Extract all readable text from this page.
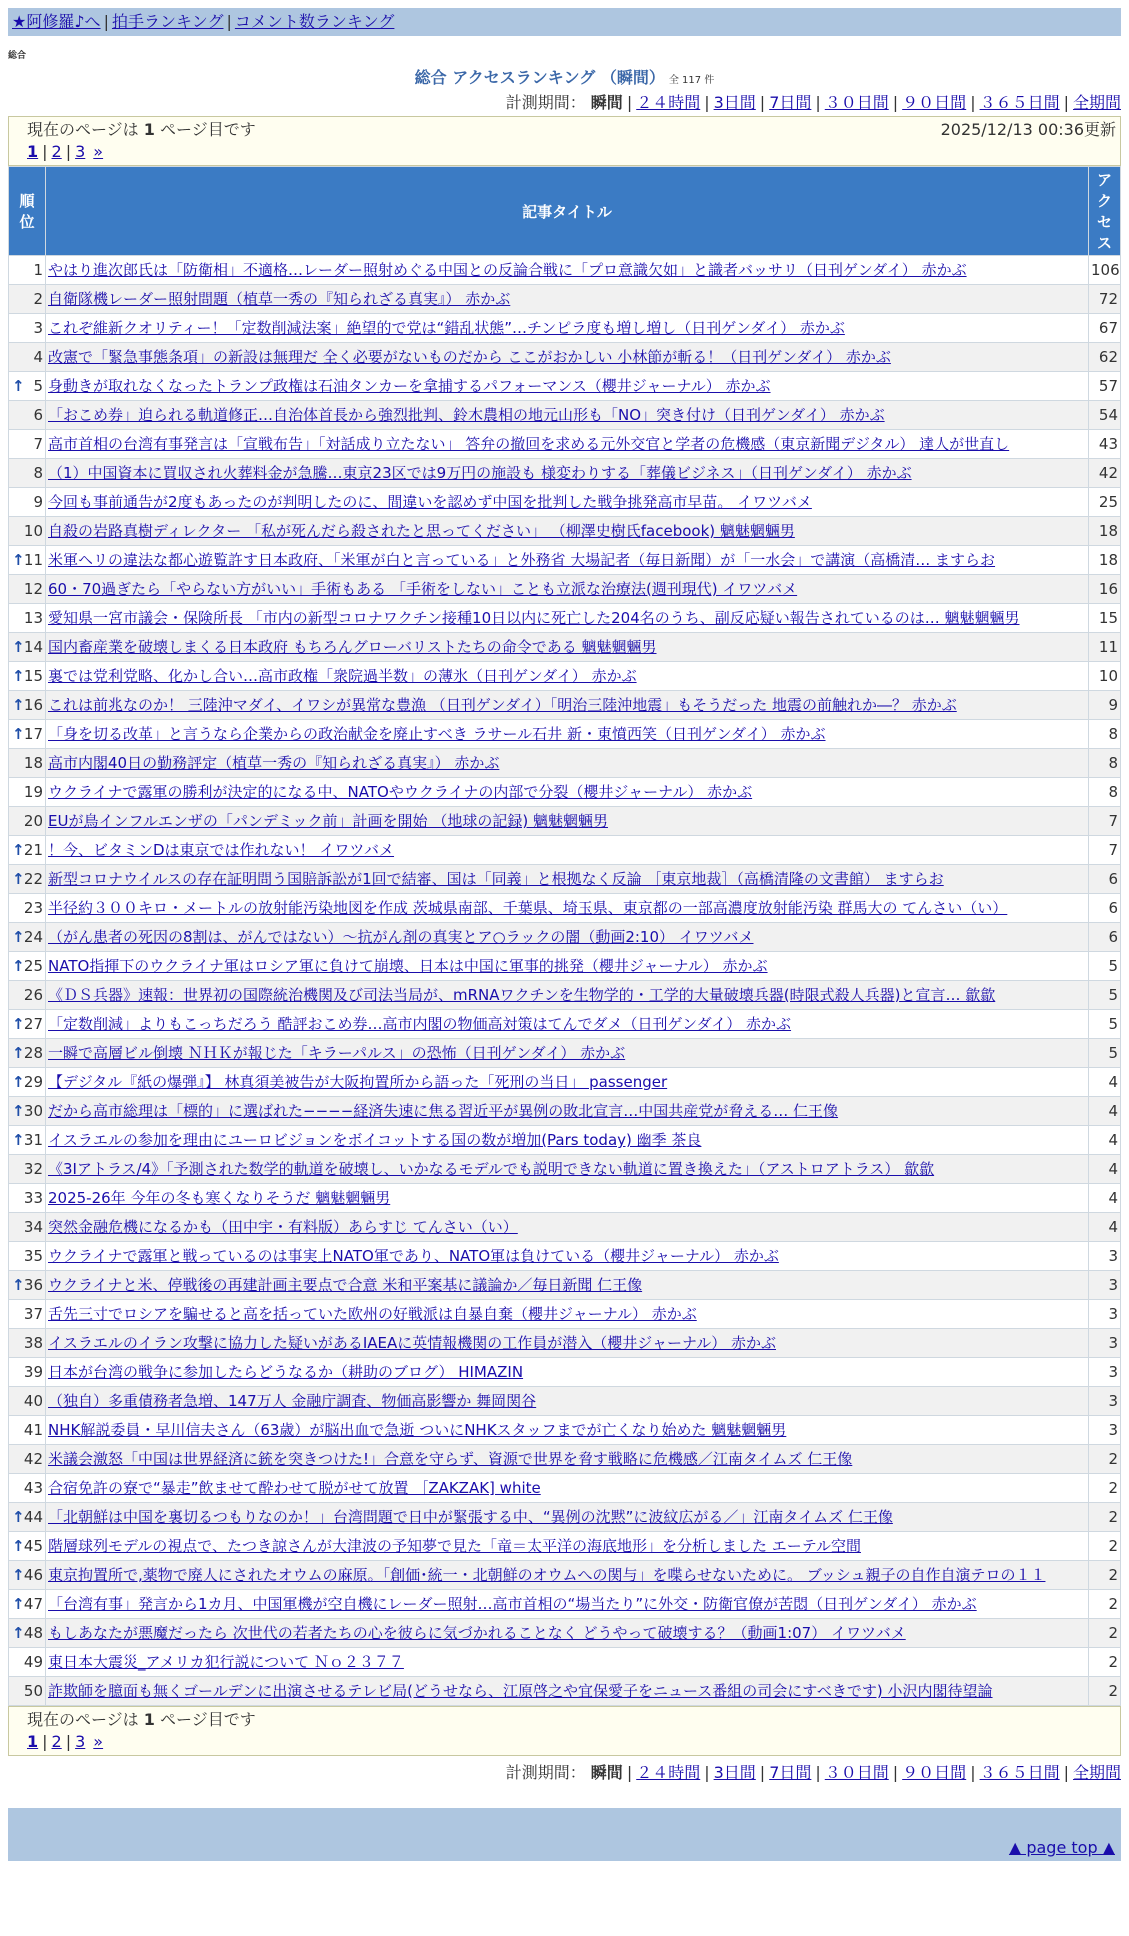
★阿修羅♪へ | 拍手ランキング | コメント数ランキング
総合
総合 アクセスランキング （瞬間） 全 117 件
計測期間： 瞬間 | ２４時間 | 3日間 | 7日間 | ３０日間 | ９０日間 | ３６５日間 | 全期間
現在のページは 1 ページ目です	2025/12/13 00:36更新
1 | 2 | 3 »
順位	記事タイトル	アクセス
1	やはり進次郎氏は「防衛相」不適格…レーダー照射めぐる中国との反論合戦に「プロ意識欠如」と識者バッサリ（日刊ゲンダイ） 赤かぶ	106
2	自衛隊機レーダー照射問題（植草一秀の『知られざる真実』） 赤かぶ	72
3	これぞ維新クオリティー！「定数削減法案」絶望的で党は“錯乱状態”…チンピラ度も増し増し（日刊ゲンダイ） 赤かぶ	67
4	改憲で「緊急事態条項」の新設は無理だ 全く必要がないものだから ここがおかしい 小林節が斬る！（日刊ゲンダイ） 赤かぶ	62

↑ 5	身動きが取れなくなったトランプ政権は石油タンカーを拿捕するパフォーマンス（櫻井ジャーナル） 赤かぶ	57
6	「おこめ券」迫られる軌道修正…自治体首長から強烈批判、鈴木農相の地元山形も「NO」突き付け（日刊ゲンダイ） 赤かぶ	54
7	高市首相の台湾有事発言は「宣戦布告」「対話成り立たない」 答弁の撤回を求める元外交官と学者の危機感（東京新聞デジタル） 達人が世直し	43
8	（1）中国資本に買収され火葬料金が急騰…東京23区では9万円の施設も 様変わりする「葬儀ビジネス」（日刊ゲンダイ） 赤かぶ	42
9	今回も事前通告が2度もあったのが判明したのに、間違いを認めず中国を批判した戦争挑発高市早苗。 イワツバメ	25
10	自殺の岩路真樹ディレクター 「私が死んだら殺されたと思ってください」 （柳澤史樹氏facebook) 魑魅魍魎男	18

↑ 11	米軍ヘリの違法な都心遊覧許す日本政府、「米軍が白と言っている」と外務省 大場記者（毎日新聞）が「一水会」で講演（高橋清… ますらお	18
12	60・70過ぎたら「やらない方がいい」手術もある 「手術をしない」ことも立派な治療法(週刊現代) イワツバメ	16
13	愛知県一宮市議会・保険所長 「市内の新型コロナワクチン接種10日以内に死亡した204名のうち、副反応疑い報告されているのは… 魑魅魍魎男	15

↑ 14	国内畜産業を破壊しまくる日本政府 もちろんグローバリストたちの命令である 魑魅魍魎男	11

↑ 15	裏では党利党略、化かし合い…高市政権「衆院過半数」の薄氷（日刊ゲンダイ） 赤かぶ	10

↑ 16	これは前兆なのか！ 三陸沖マダイ、イワシが異常な豊漁 （日刊ゲンダイ）「明治三陸沖地震」もそうだった 地震の前触れか―？ 赤かぶ	9

↑ 17	「身を切る改革」と言うなら企業からの政治献金を廃止すべき ラサール石井 新・東憤西笑（日刊ゲンダイ） 赤かぶ	8
18	高市内閣40日の勤務評定（植草一秀の『知られざる真実』） 赤かぶ	8
19	ウクライナで露軍の勝利が決定的になる中、NATOやウクライナの内部で分裂（櫻井ジャーナル） 赤かぶ	8
20	EUが鳥インフルエンザの「パンデミック前」計画を開始 （地球の記録) 魑魅魍魎男	7

↑ 21	！今、ビタミンDは東京では作れない！ イワツバメ	7

↑ 22	新型コロナウイルスの存在証明問う国賠訴訟が1回で結審、国は「同義」と根拠なく反論 ［東京地裁］（高橋清隆の文書館） ますらお	6
23	半径約３００キロ・メートルの放射能汚染地図を作成 茨城県南部、千葉県、埼玉県、東京都の一部高濃度放射能汚染 群馬大の てんさい（い）	6

↑ 24	（がん患者の死因の8割は、がんではない）～抗がん剤の真実とア○ラックの闇（動画2:10） イワツバメ	6

↑ 25	NATO指揮下のウクライナ軍はロシア軍に負けて崩壊、日本は中国に軍事的挑発（櫻井ジャーナル） 赤かぶ	5
26	《ＤＳ兵器》速報：世界初の国際統治機関及び司法当局が、mRNAワクチンを生物学的・工学的大量破壊兵器(時限式殺人兵器)と宣言… 歙歙	5

↑ 27	「定数削減」よりもこっちだろう 酷評おこめ券…高市内閣の物価高対策はてんでダメ（日刊ゲンダイ） 赤かぶ	5

↑ 28	一瞬で高層ビル倒壊 ＮＨＫが報じた「キラーパルス」の恐怖（日刊ゲンダイ） 赤かぶ	5

↑ 29	【デジタル『紙の爆弾』】 林真須美被告が大阪拘置所から語った「死刑の当日」 passenger	4

↑ 30	だから高市総理は「標的」に選ばれた−−−−経済失速に焦る習近平が異例の敗北宣言…中国共産党が脅える… 仁王像	4

↑ 31	イスラエルの参加を理由にユーロビジョンをボイコットする国の数が増加(Pars today) 幽季 茶良	4
32	《3Iアトラス/4》「予測された数学的軌道を破壊し、いかなるモデルでも説明できない軌道に置き換えた」（アストロアトラス） 歙歙	4
33	2025-26年 今年の冬も寒くなりそうだ 魑魅魍魎男	4
34	突然金融危機になるかも（田中宇・有料版）あらすじ てんさい（い）	4
35	ウクライナで露軍と戦っているのは事実上NATO軍であり、NATO軍は負けている（櫻井ジャーナル） 赤かぶ	3

↑ 36	ウクライナと米、停戦後の再建計画主要点で合意 米和平案基に議論か／毎日新聞 仁王像	3
37	舌先三寸でロシアを騙せると高を括っていた欧州の好戦派は自暴自棄（櫻井ジャーナル） 赤かぶ	3
38	イスラエルのイラン攻撃に協力した疑いがあるIAEAに英情報機関の工作員が潜入（櫻井ジャーナル） 赤かぶ	3
39	日本が台湾の戦争に参加したらどうなるか（耕助のブログ） HIMAZIN	3
40	（独自）多重債務者急増、147万人 金融庁調査、物価高影響か 舞岡関谷	3
41	NHK解説委員・早川信夫さん（63歳）が脳出血で急逝 ついにNHKスタッフまでが亡くなり始めた 魑魅魍魎男	3
42	米議会激怒「中国は世界経済に銃を突きつけた!」合意を守らず、資源で世界を脅す戦略に危機感／江南タイムズ 仁王像	2
43	合宿免許の寮で“暴走”飲ませて酔わせて脱がせて放置 ［ZAKZAK] white	2

↑ 44	「北朝鮮は中国を裏切るつもりなのか！」台湾問題で日中が緊張する中、“異例の沈黙”に波紋広がる／」江南タイムズ 仁王像	2

↑ 45	階層球列モデルの視点で、たつき諒さんが大津波の予知夢で見た「竜＝太平洋の海底地形」を分析しました エーテル空間	2

↑ 46	東京拘置所で,薬物で廃人にされたオウムの麻原。「創価･統一・北朝鮮のオウムへの関与」を喋らせないために。 ブッシュ親子の自作自演テロの１１	2

↑ 47	「台湾有事」発言から1カ月、中国軍機が空自機にレーダー照射…高市首相の“場当たり”に外交・防衛官僚が苦悶（日刊ゲンダイ） 赤かぶ	2

↑ 48	もしあなたが悪魔だったら 次世代の若者たちの心を彼らに気づかれることなく どうやって破壊する？（動画1:07） イワツバメ	2
49	東日本大震災_アメリカ犯行説について Ｎｏ２３７７	2
50	詐欺師を臆面も無くゴールデンに出演させるテレビ局(どうせなら、江原啓之や宜保愛子をニュース番組の司会にすべきです) 小沢内閣待望論	2
現在のページは 1 ページ目です
1 | 2 | 3 »
計測期間： 瞬間 | ２４時間 | 3日間 | 7日間 | ３０日間 | ９０日間 | ３６５日間 | 全期間
▲ page top ▲
